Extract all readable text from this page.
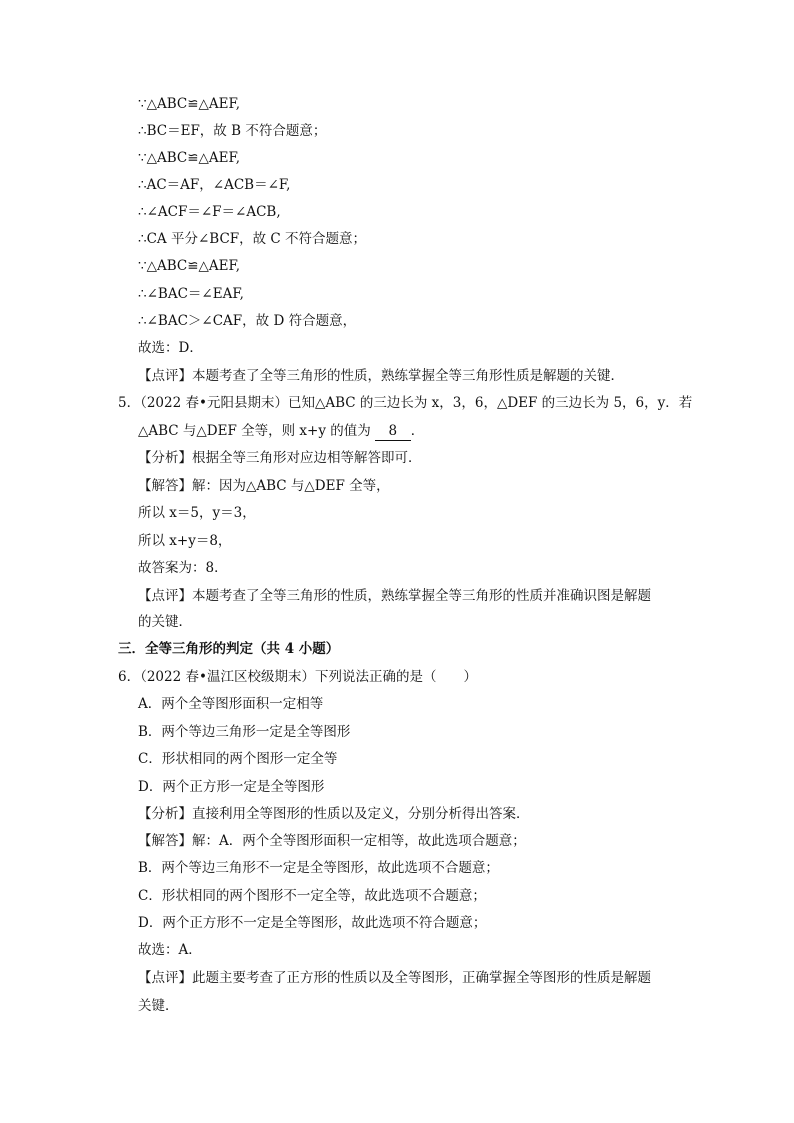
∵△ABC≌△AEF,
∴BC＝EF，故 B 不符合题意；
∵△ABC≌△AEF,
∴AC＝AF，∠ACB＝∠F,
∴∠ACF＝∠F＝∠ACB,
∴CA 平分∠BCF，故 C 不符合题意；
∵△ABC≌△AEF,
∴∠BAC＝∠EAF,
∴∠BAC＞∠CAF，故 D 符合题意，
故选：D．
【点评】本题考查了全等三角形的性质，熟练掌握全等三角形性质是解题的关键．
5．（2022 春•元阳县期末）已知△ABC 的三边长为 x，3，6，△DEF 的三边长为 5，6，y．若
△ABC 与△DEF 全等，则 x+y 的值为 8 ．
【分析】根据全等三角形对应边相等解答即可．
【解答】解：因为△ABC 与△DEF 全等，
所以 x＝5，y＝3，
所以 x+y＝8，
故答案为：8．
【点评】本题考查了全等三角形的性质，熟练掌握全等三角形的性质并准确识图是解题
的关键．
三．全等三角形的判定（共 4 小题）
6．（2022 春•温江区校级期末）下列说法正确的是（　　）
A．两个全等图形面积一定相等
B．两个等边三角形一定是全等图形
C．形状相同的两个图形一定全等
D．两个正方形一定是全等图形
【分析】直接利用全等图形的性质以及定义，分别分析得出答案．
【解答】解：A．两个全等图形面积一定相等，故此选项合题意；
B．两个等边三角形不一定是全等图形，故此选项不合题意；
C．形状相同的两个图形不一定全等，故此选项不合题意；
D．两个正方形不一定是全等图形，故此选项不符合题意；
故选：A．
【点评】此题主要考查了正方形的性质以及全等图形，正确掌握全等图形的性质是解题
关键．
